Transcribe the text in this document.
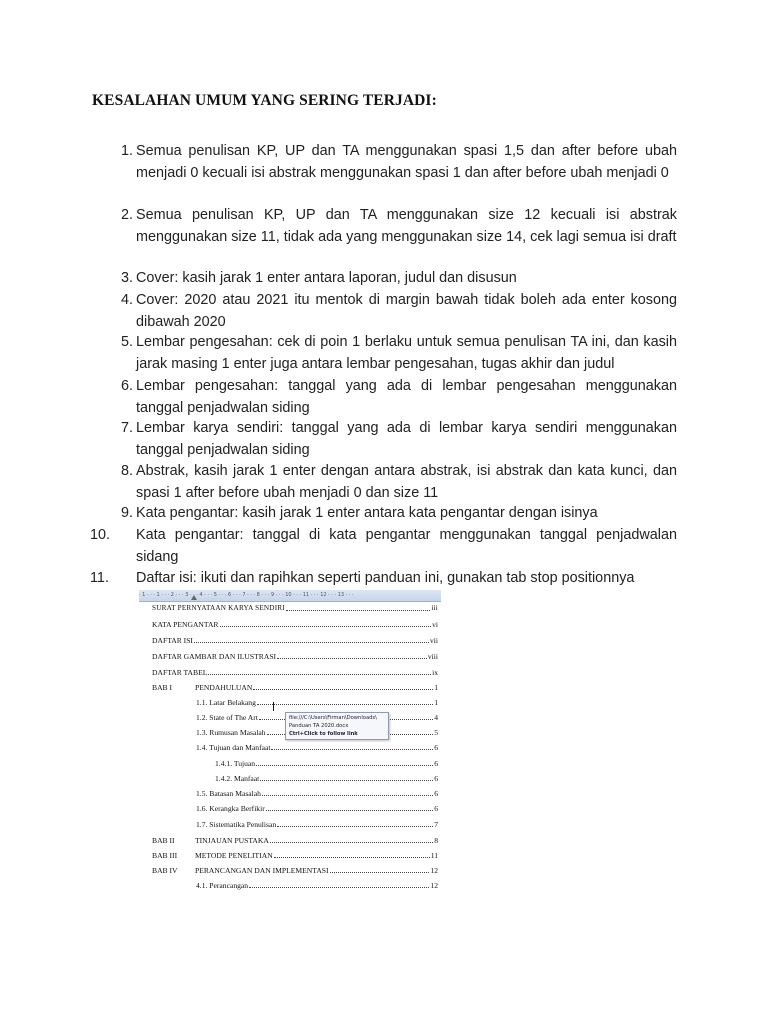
KESALAHAN UMUM YANG SERING TERJADI:
1. Semua penulisan KP, UP dan TA menggunakan spasi 1,5 dan after before ubah menjadi 0 kecuali isi abstrak menggunakan spasi 1 dan after before ubah menjadi 0
2. Semua penulisan KP, UP dan TA menggunakan size 12 kecuali isi abstrak menggunakan size 11, tidak ada yang menggunakan size 14, cek lagi semua isi draft
3. Cover: kasih jarak 1 enter antara laporan, judul dan disusun
4. Cover: 2020 atau 2021 itu mentok di margin bawah tidak boleh ada enter kosong dibawah 2020
5. Lembar pengesahan: cek di poin 1 berlaku untuk semua penulisan TA ini, dan kasih jarak masing 1 enter juga antara lembar pengesahan, tugas akhir dan judul
6. Lembar pengesahan: tanggal yang ada di lembar pengesahan menggunakan tanggal penjadwalan siding
7. Lembar karya sendiri: tanggal yang ada di lembar karya sendiri menggunakan tanggal penjadwalan siding
8. Abstrak, kasih jarak 1 enter dengan antara abstrak, isi abstrak dan kata kunci, dan spasi 1 after before ubah menjadi 0 dan size 11
9. Kata pengantar: kasih jarak 1 enter antara kata pengantar dengan isinya
10.	Kata pengantar: tanggal di kata pengantar menggunakan tanggal penjadwalan sidang
11.	Daftar isi: ikuti dan rapihkan seperti panduan ini, gunakan tab stop positionnya
· 1 · · · 1 · · · 2 · · · 3 · · · 4 · · · 5 · · · 6 · · · 7 · · · 8 · · · 9 · · · 10 · · · 11 · · · 12 · · · 13 · · ·
SURAT PERNYATAAN KARYA SENDIRI	iii
KATA PENGANTAR	vi
DAFTAR ISI	vii
DAFTAR GAMBAR DAN ILUSTRASI	viii
DAFTAR TABEL	ix
BAB I	PENDAHULUAN	1
1.1. Latar Belakang	1
1.2. State of The Art	4
1.3. Rumusan Masalah	5
1.4. Tujuan dan Manfaat	6
1.4.1. Tujuan	6
1.4.2. Manfaat	6
1.5. Batasan Masalah	6
1.6. Kerangka Berfikir	6
1.7. Sistematika Penulisan	7
BAB II	TINJAUAN PUSTAKA	8
BAB III	METODE PENELITIAN	11
BAB IV	PERANCANGAN DAN IMPLEMENTASI	12
4.1. Perancangan	12
file:///C:\Users\Firman\Downloads\
Panduan TA 2020.docx
Ctrl+Click to follow link
